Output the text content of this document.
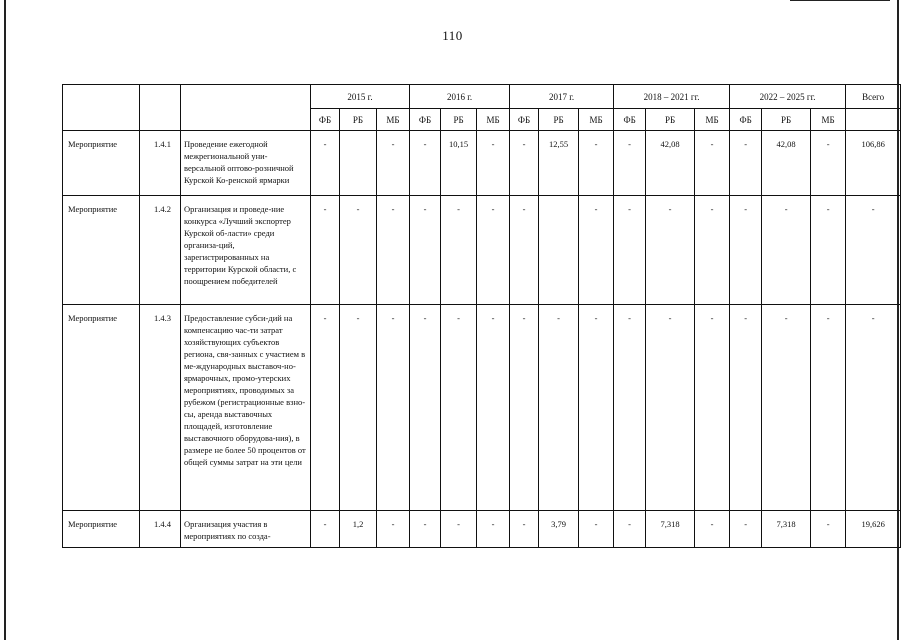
110
			2015 г.			2016 г.			2017 г.			2018 – 2021 гг.			2022 – 2025 гг.			Всего
			ФБ	РБ	МБ	ФБ	РБ	МБ	ФБ	РБ	МБ	ФБ	РБ	МБ	ФБ	РБ	МБ	
Мероприятие	1.4.1	Проведение ежегодной межрегиональной уни-версальной оптово-розничной Курской Ко-ренской ярмарки	-		-	-	10,15	-	-	12,55	-	-	42,08	-	-	42,08	-	106,86
Мероприятие	1.4.2	Организация и проведе-ние конкурса «Лучший экспортер Курской об-ласти» среди организа-ций, зарегистрированных на территории Курской области, с поощрением победителей	-	-	-	-	-	-	-		-	-	-	-	-	-	-	-
Мероприятие	1.4.3	Предоставление субси-дий на компенсацию час-ти затрат хозяйствующих субъектов региона, свя-занных с участием в ме-ждународных выставоч-но-ярмарочных, промо-утерских мероприятиях, проводимых за рубежом (регистрационные взно-сы, аренда выставочных площадей, изготовление выставочного оборудова-ния), в размере не более 50 процентов от общей суммы затрат на эти цели	-	-	-	-	-	-	-	-	-	-	-	-	-	-	-	-
Мероприятие	1.4.4	Организация участия в мероприятиях по созда-	-	1,2	-	-	-	-	-	3,79	-	-	7,318	-	-	7,318	-	19,626
